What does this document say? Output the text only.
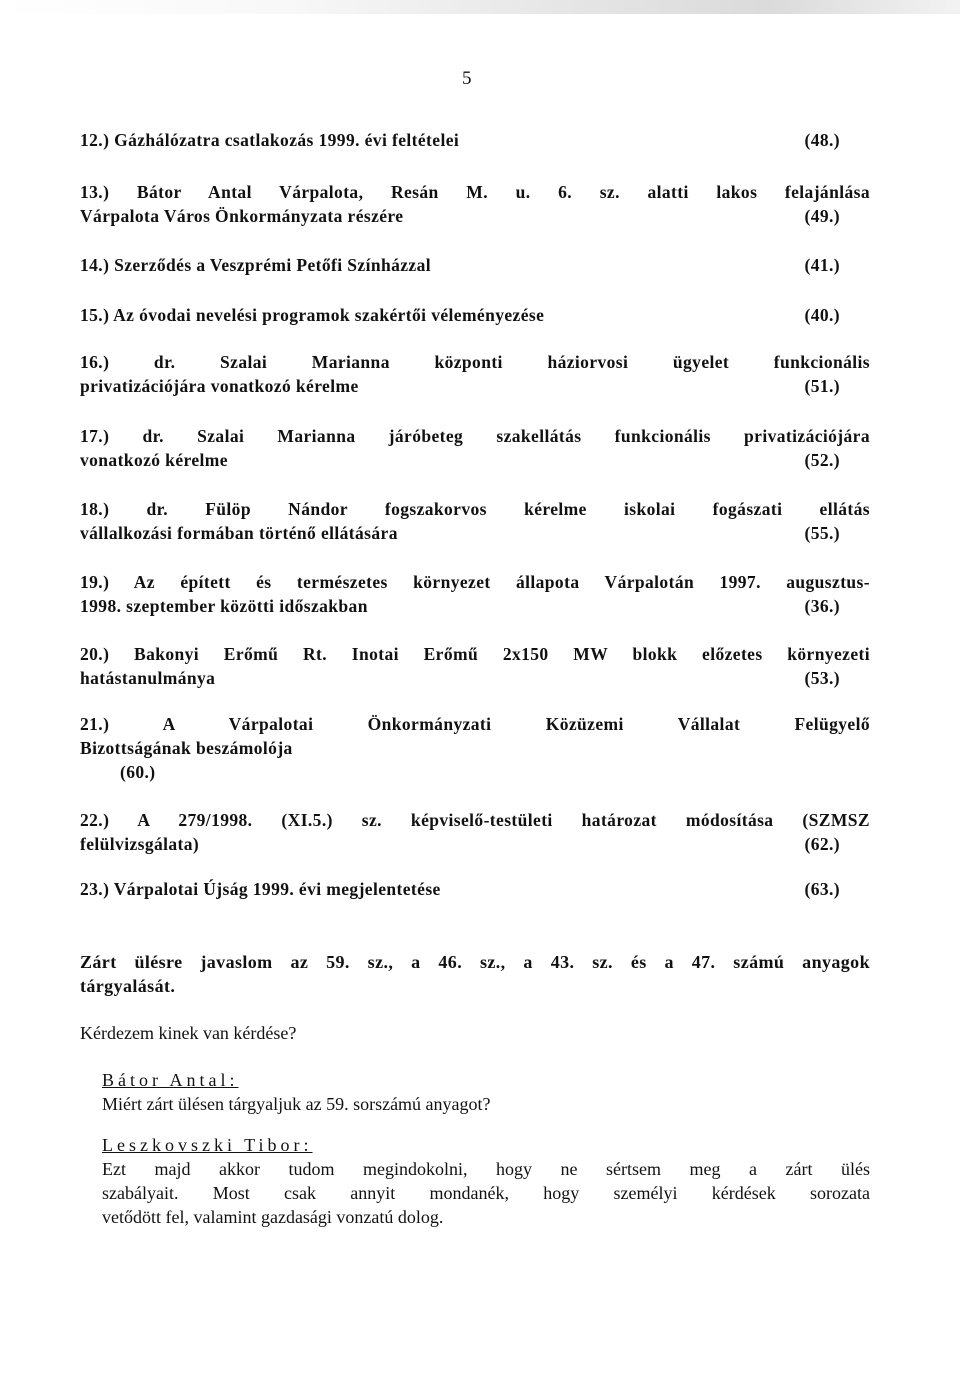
5
12.) Gázhálózatra csatlakozás 1999. évi feltételei	(48.)
13.) Bátor Antal Várpalota, Resán M. u. 6. sz. alatti lakos felajánlása
Várpalota Város Önkormányzata részére	(49.)
14.) Szerződés a Veszprémi Petőfi Színházzal	(41.)
15.) Az óvodai nevelési programok szakértői véleményezése	(40.)
16.) dr. Szalai Marianna központi háziorvosi ügyelet funkcionális
privatizációjára vonatkozó kérelme	(51.)
17.) dr. Szalai Marianna járóbeteg szakellátás funkcionális privatizációjára
vonatkozó kérelme	(52.)
18.) dr. Fülöp Nándor fogszakorvos kérelme iskolai fogászati ellátás
vállalkozási formában történő ellátására	(55.)
19.) Az épített és természetes környezet állapota Várpalotán 1997. augusztus-
1998. szeptember közötti időszakban	(36.)
20.) Bakonyi Erőmű Rt. Inotai Erőmű 2x150 MW blokk előzetes környezeti
hatástanulmánya	(53.)
21.) A Várpalotai Önkormányzati Közüzemi Vállalat Felügyelő
Bizottságának beszámolója
(60.)
22.) A 279/1998. (XI.5.) sz. képviselő-testületi határozat módosítása (SZMSZ
felülvizsgálata)	(62.)
23.) Várpalotai Újság 1999. évi megjelentetése	(63.)
Zárt ülésre javaslom az 59. sz., a 46. sz., a 43. sz. és a 47. számú anyagok
tárgyalását.
Kérdezem kinek van kérdése?
Bátor Antal:
Miért zárt ülésen tárgyaljuk az 59. sorszámú anyagot?
Leszkovszki Tibor:
Ezt majd akkor tudom megindokolni, hogy ne sértsem meg a zárt ülés
szabályait. Most csak annyit mondanék, hogy személyi kérdések sorozata
vetődött fel, valamint gazdasági vonzatú dolog.
